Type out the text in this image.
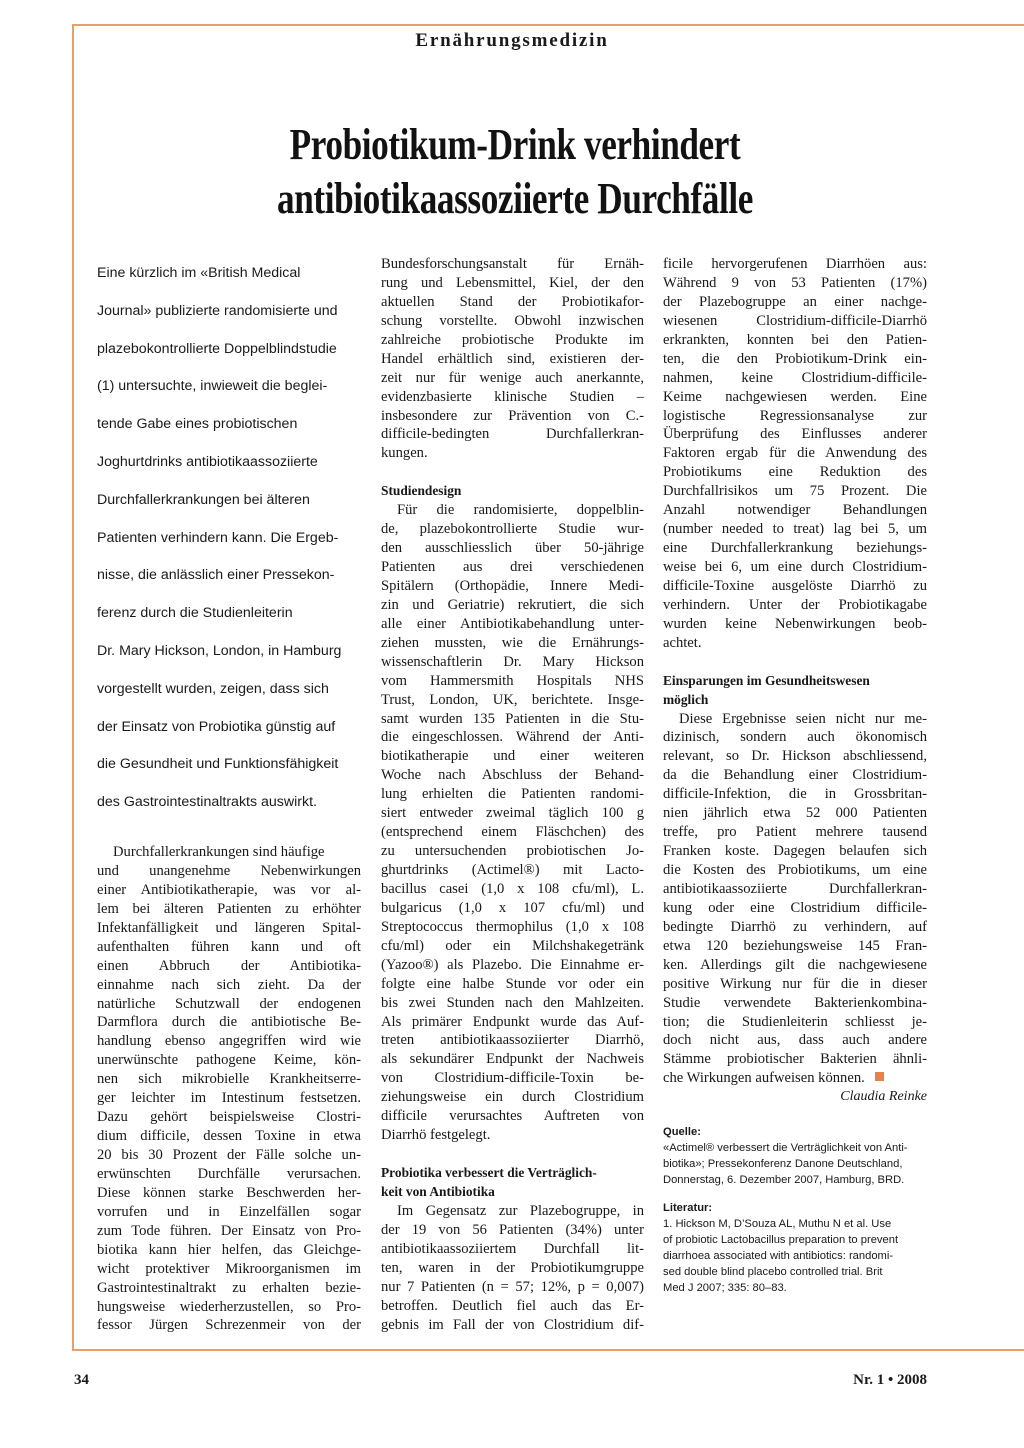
Ernährungsmedizin
Probiotikum-Drink verhindert
antibiotikaassoziierte Durchfälle
Eine kürzlich im «British Medical
Journal» publizierte randomisierte und
plazebokontrollierte Doppelblindstudie
(1) untersuchte, inwieweit die beglei-
tende Gabe eines probiotischen
Joghurtdrinks antibiotikaassoziierte
Durchfallerkrankungen bei älteren
Patienten verhindern kann. Die Ergeb-
nisse, die anlässlich einer Pressekon-
ferenz durch die Studienleiterin
Dr. Mary Hickson, London, in Hamburg
vorgestellt wurden, zeigen, dass sich
der Einsatz von Probiotika günstig auf
die Gesundheit und Funktionsfähigkeit
des Gastrointestinaltrakts auswirkt.
Durchfallerkrankungen sind häufige
und unangenehme Nebenwirkungen
einer Antibiotikatherapie, was vor al-
lem bei älteren Patienten zu erhöhter
Infektanfälligkeit und längeren Spital-
aufenthalten führen kann und oft
einen Abbruch der Antibiotika-
einnahme nach sich zieht. Da der
natürliche Schutzwall der endogenen
Darmflora durch die antibiotische Be-
handlung ebenso angegriffen wird wie
unerwünschte pathogene Keime, kön-
nen sich mikrobielle Krankheitserre-
ger leichter im Intestinum festsetzen.
Dazu gehört beispielsweise Clostri-
dium difficile, dessen Toxine in etwa
20 bis 30 Prozent der Fälle solche un-
erwünschten Durchfälle verursachen.
Diese können starke Beschwerden her-
vorrufen und in Einzelfällen sogar
zum Tode führen. Der Einsatz von Pro-
biotika kann hier helfen, das Gleichge-
wicht protektiver Mikroorganismen im
Gastrointestinaltrakt zu erhalten bezie-
hungsweise wiederherzustellen, so Pro-
fessor Jürgen Schrezenmeir von der
Bundesforschungsanstalt für Ernäh-
rung und Lebensmittel, Kiel, der den
aktuellen Stand der Probiotikafor-
schung vorstellte. Obwohl inzwischen
zahlreiche probiotische Produkte im
Handel erhältlich sind, existieren der-
zeit nur für wenige auch anerkannte,
evidenzbasierte klinische Studien –
insbesondere zur Prävention von C.-
difficile-bedingten Durchfallerkran-
kungen.
Studiendesign
Für die randomisierte, doppelblin-
de, plazebokontrollierte Studie wur-
den ausschliesslich über 50-jährige
Patienten aus drei verschiedenen
Spitälern (Orthopädie, Innere Medi-
zin und Geriatrie) rekrutiert, die sich
alle einer Antibiotikabehandlung unter-
ziehen mussten, wie die Ernährungs-
wissenschaftlerin Dr. Mary Hickson
vom Hammersmith Hospitals NHS
Trust, London, UK, berichtete. Insge-
samt wurden 135 Patienten in die Stu-
die eingeschlossen. Während der Anti-
biotikatherapie und einer weiteren
Woche nach Abschluss der Behand-
lung erhielten die Patienten randomi-
siert entweder zweimal täglich 100 g
(entsprechend einem Fläschchen) des
zu untersuchenden probiotischen Jo-
ghurtdrinks (Actimel®) mit Lacto-
bacillus casei (1,0 x 108 cfu/ml), L.
bulgaricus (1,0 x 107 cfu/ml) und
Streptococcus thermophilus (1,0 x 108
cfu/ml) oder ein Milchshakegetränk
(Yazoo®) als Plazebo. Die Einnahme er-
folgte eine halbe Stunde vor oder ein
bis zwei Stunden nach den Mahlzeiten.
Als primärer Endpunkt wurde das Auf-
treten antibiotikaassoziierter Diarrhö,
als sekundärer Endpunkt der Nachweis
von Clostridium-difficile-Toxin be-
ziehungsweise ein durch Clostridium
difficile verursachtes Auftreten von
Diarrhö festgelegt.
Probiotika verbessert die Verträglich-
keit von Antibiotika
Im Gegensatz zur Plazebogruppe, in
der 19 von 56 Patienten (34%) unter
antibiotikaassoziiertem Durchfall lit-
ten, waren in der Probiotikumgruppe
nur 7 Patienten (n = 57; 12%, p = 0,007)
betroffen. Deutlich fiel auch das Er-
gebnis im Fall der von Clostridium dif-
ficile hervorgerufenen Diarrhöen aus:
Während 9 von 53 Patienten (17%)
der Plazebogruppe an einer nachge-
wiesenen Clostridium-difficile-Diarrhö
erkrankten, konnten bei den Patien-
ten, die den Probiotikum-Drink ein-
nahmen, keine Clostridium-difficile-
Keime nachgewiesen werden. Eine
logistische Regressionsanalyse zur
Überprüfung des Einflusses anderer
Faktoren ergab für die Anwendung des
Probiotikums eine Reduktion des
Durchfallrisikos um 75 Prozent. Die
Anzahl notwendiger Behandlungen
(number needed to treat) lag bei 5, um
eine Durchfallerkrankung beziehungs-
weise bei 6, um eine durch Clostridium-
difficile-Toxine ausgelöste Diarrhö zu
verhindern. Unter der Probiotikagabe
wurden keine Nebenwirkungen beob-
achtet.
Einsparungen im Gesundheitswesen
möglich
Diese Ergebnisse seien nicht nur me-
dizinisch, sondern auch ökonomisch
relevant, so Dr. Hickson abschliessend,
da die Behandlung einer Clostridium-
difficile-Infektion, die in Grossbritan-
nien jährlich etwa 52 000 Patienten
treffe, pro Patient mehrere tausend
Franken koste. Dagegen belaufen sich
die Kosten des Probiotikums, um eine
antibiotikaassoziierte Durchfallerkran-
kung oder eine Clostridium difficile-
bedingte Diarrhö zu verhindern, auf
etwa 120 beziehungsweise 145 Fran-
ken. Allerdings gilt die nachgewiesene
positive Wirkung nur für die in dieser
Studie verwendete Bakterienkombina-
tion; die Studienleiterin schliesst je-
doch nicht aus, dass auch andere
Stämme probiotischer Bakterien ähnli-
che Wirkungen aufweisen können.
Claudia Reinke
Quelle:
«Actimel® verbessert die Verträglichkeit von Anti-
biotika»; Pressekonferenz Danone Deutschland,
Donnerstag, 6. Dezember 2007, Hamburg, BRD.
Literatur:
1. Hickson M, D’Souza AL, Muthu N et al. Use
of probiotic Lactobacillus preparation to prevent
diarrhoea associated with antibiotics: randomi-
sed double blind placebo controlled trial. Brit
Med J 2007; 335: 80–83.
34	Nr. 1 • 2008
